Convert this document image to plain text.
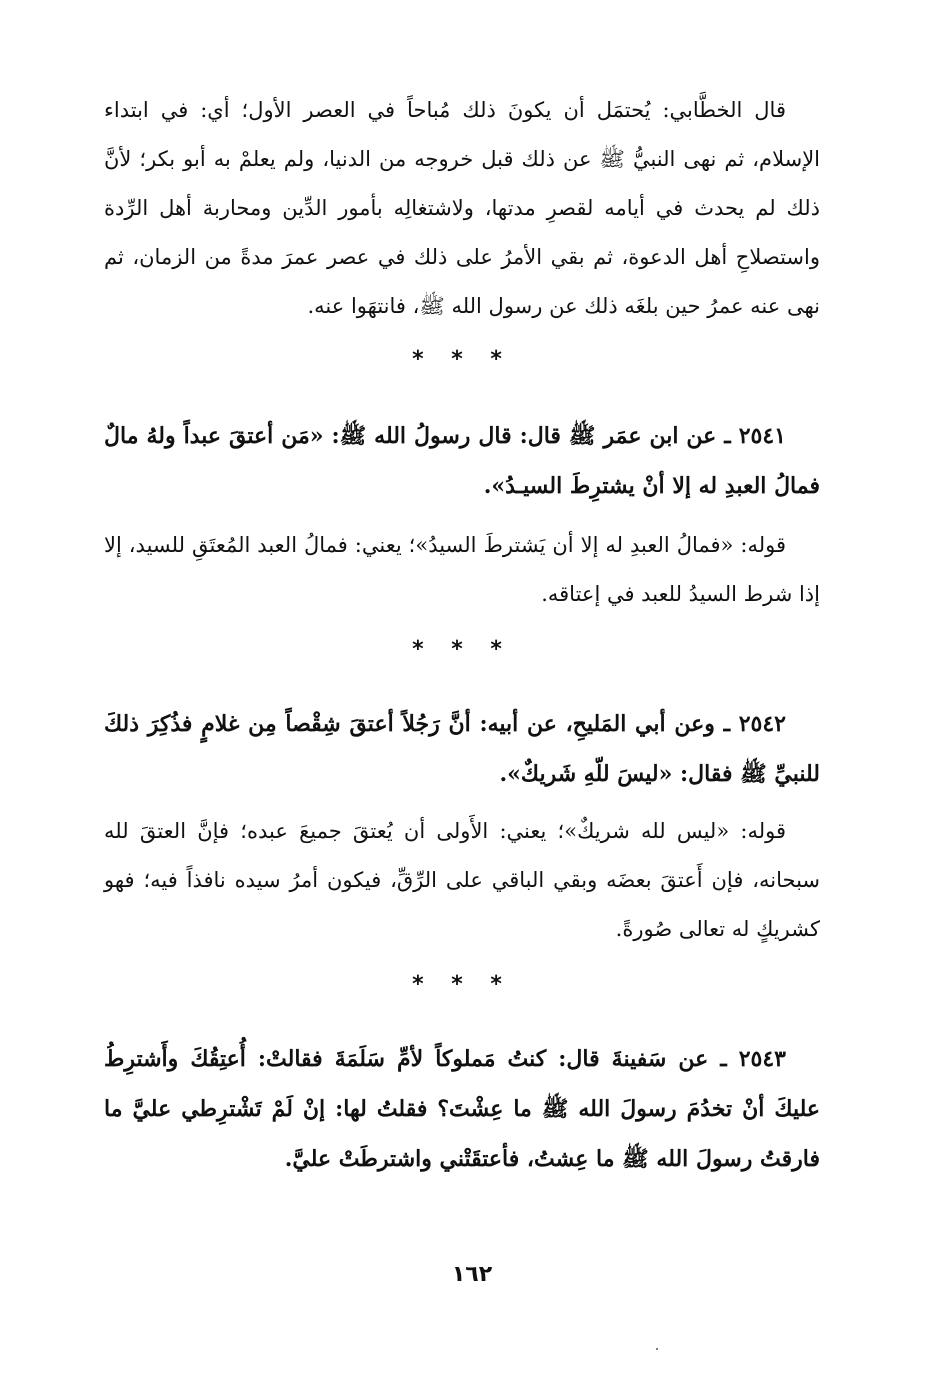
قال الخطَّابي: يُحتمَل أن يكونَ ذلك مُباحاً في العصر الأول؛ أي: في ابتداء الإسلام، ثم نهى النبيُّ ﷺ عن ذلك قبل خروجه من الدنيا، ولم يعلمْ به أبو بكر؛ لأنَّ ذلك لم يحدث في أيامه لقصرِ مدتها، ولاشتغالِه بأمور الدِّين ومحاربة أهل الرِّدة واستصلاحِ أهل الدعوة، ثم بقي الأمرُ على ذلك في عصر عمرَ مدةً من الزمان، ثم نهى عنه عمرُ حين بلغَه ذلك عن رسول الله ﷺ، فانتهَوا عنه.

* * *

٢٥٤١ ـ عن ابن عمَر ﷺ قال: قال رسولُ الله ﷺ: «مَن أعتقَ عبداً ولهُ مالٌ فمالُ العبدِ له إلا أنْ يشترِطَ السيـدُ».

قوله: «فمالُ العبدِ له إلا أن يَشترطَ السيدُ»؛ يعني: فمالُ العبد المُعتَقِ للسيد، إلا إذا شرط السيدُ للعبد في إعتاقه.

* * *

٢٥٤٢ ـ وعن أبي المَليحِ، عن أبيه: أنَّ رَجُلاً أعتقَ شِقْصاً مِن غلامٍ فذُكِرَ ذلكَ للنبيِّ ﷺ فقال: «ليسَ للّهِ شَريكٌ».

قوله: «ليس لله شريكٌ»؛ يعني: الأَولى أن يُعتقَ جميعَ عبده؛ فإنَّ العتقَ لله سبحانه، فإن أَعتقَ بعضَه وبقي الباقي على الرِّقِّ، فيكون أمرُ سيده نافذاً فيه؛ فهو كشريكٍ له تعالى صُورةً.

* * *

٢٥٤٣ ـ عن سَفينةَ قال: كنتُ مَملوكاً لأمِّ سَلَمَةَ فقالتْ: أُعتِقُكَ وأَشترِطُ عليكَ أنْ تخدُمَ رسولَ الله ﷺ ما عِشْتَ؟ فقلتُ لها: إنْ لَمْ تَشْترِطي عليَّ ما فارقتُ رسولَ الله ﷺ ما عِشتُ، فأعتقَتْني واشترطَتْ عليَّ.

١٦٢
